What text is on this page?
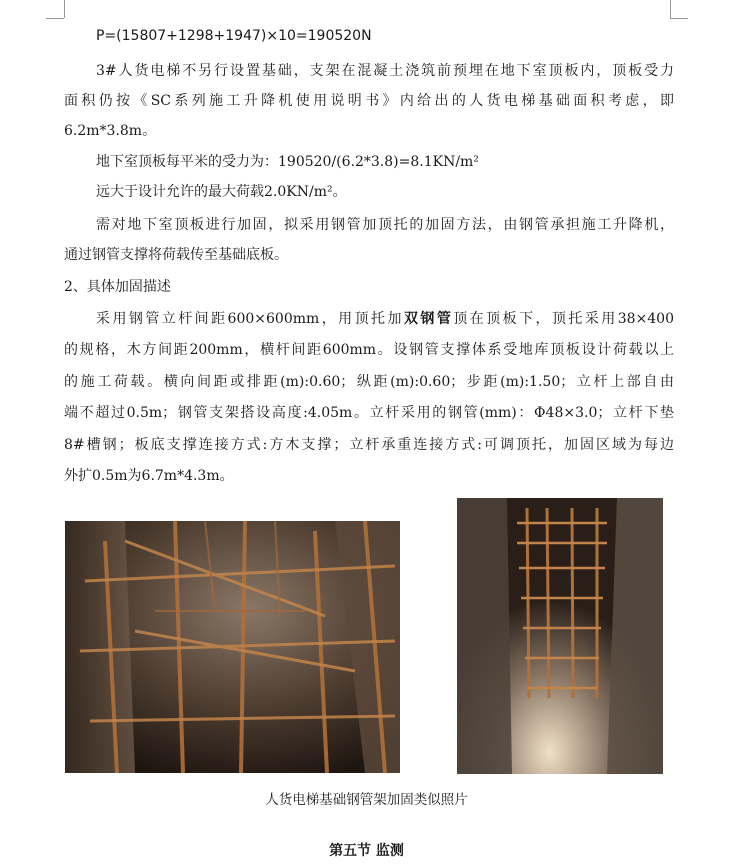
P=(15807+1298+1947)×10=190520N
3#人货电梯不另行设置基础，支架在混凝土浇筑前预埋在地下室顶板内，顶板受力
面积仍按《SC系列施工升降机使用说明书》内给出的人货电梯基础面积考虑，即
6.2m*3.8m。
地下室顶板每平米的受力为：190520/(6.2*3.8)=8.1KN/m²
远大于设计允许的最大荷载2.0KN/m²。
需对地下室顶板进行加固，拟采用钢管加顶托的加固方法，由钢管承担施工升降机，
通过钢管支撑将荷载传至基础底板。
2、具体加固描述
采用钢管立杆间距600×600mm，用顶托加双钢管顶在顶板下，顶托采用38×400
的规格，木方间距200mm，横杆间距600mm。设钢管支撑体系受地库顶板设计荷载以上
的施工荷载。横向间距或排距(m):0.60；纵距(m):0.60；步距(m):1.50；立杆上部自由
端不超过0.5m；钢管支架搭设高度:4.05m。立杆采用的钢管(mm)：Φ48×3.0；立杆下垫
8#槽钢；板底支撑连接方式:方木支撑；立杆承重连接方式:可调顶托，加固区域为每边
外扩0.5m为6.7m*4.3m。
人货电梯基础钢管架加固类似照片
第五节 监测
